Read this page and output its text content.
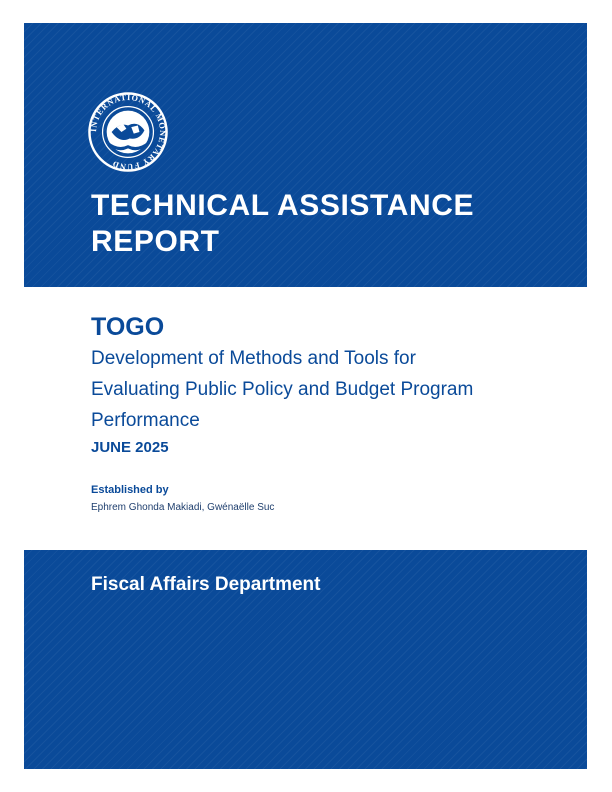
INTERNATIONAL MONETARY FUND
TECHNICAL ASSISTANCE
REPORT
TOGO
Development of Methods and Tools for
Evaluating Public Policy and Budget Program
Performance

JUNE 2025

Established by
Ephrem Ghonda Makiadi, Gwénaëlle Suc
Fiscal Affairs Department
